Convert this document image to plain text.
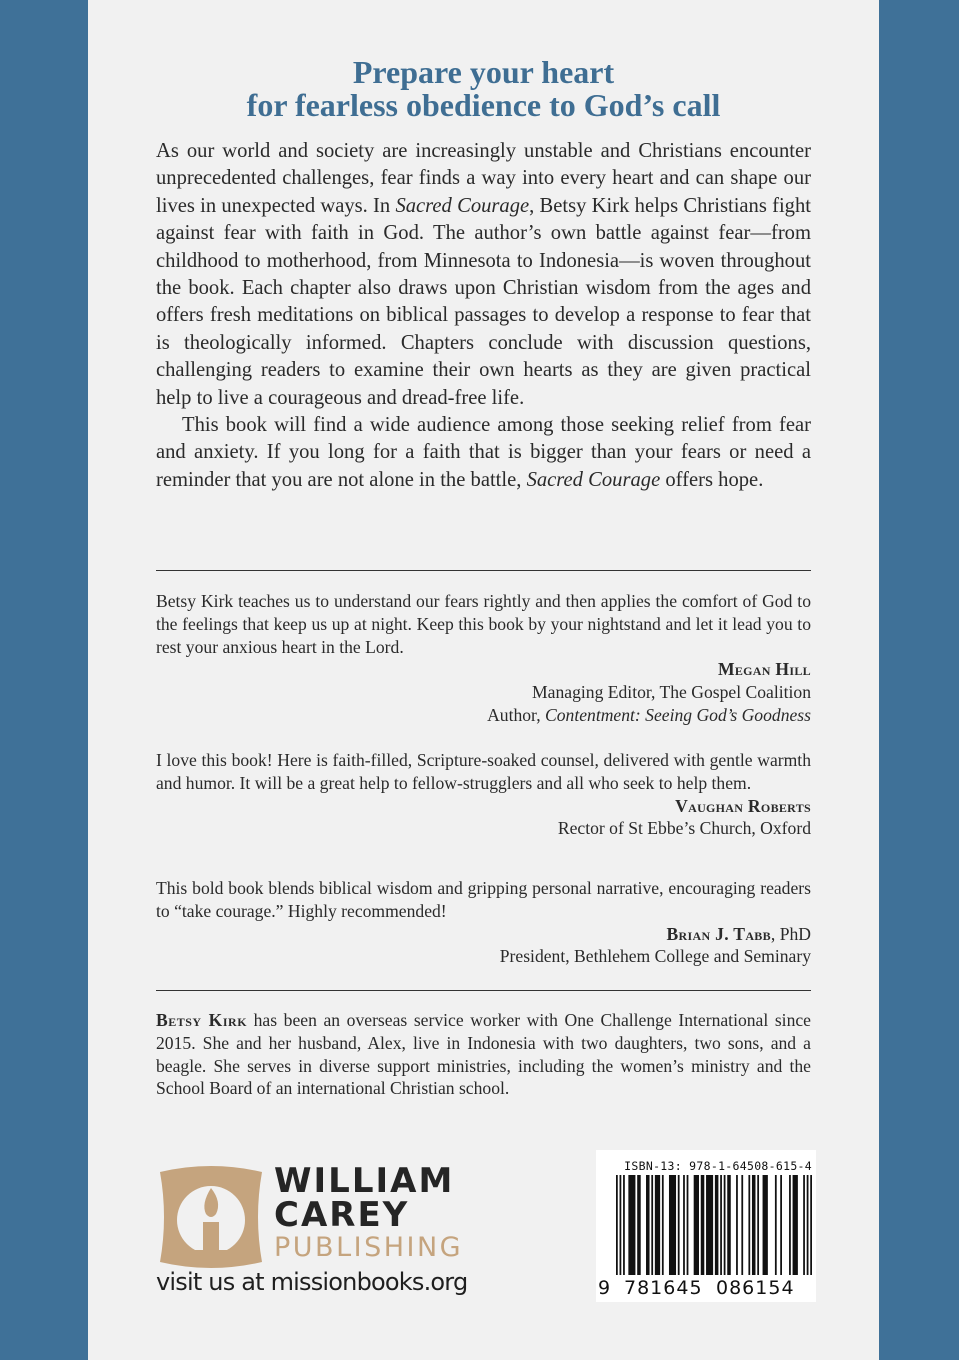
Prepare your heart
for fearless obedience to God’s call

As our world and society are increasingly unstable and Christians encounter unprecedented challenges, fear finds a way into every heart and can shape our lives in unexpected ways. In Sacred Courage, Betsy Kirk helps Christians fight against fear with faith in God. The author’s own battle against fear—from childhood to motherhood, from Minnesota to Indonesia—is woven throughout the book. Each chapter also draws upon Christian wisdom from the ages and offers fresh meditations on biblical passages to develop a response to fear that is theologically informed. Chapters conclude with discussion questions, challenging readers to examine their own hearts as they are given practical help to live a courageous and dread-free life.

This book will find a wide audience among those seeking relief from fear and anxiety. If you long for a faith that is bigger than your fears or need a reminder that you are not alone in the battle, Sacred Courage offers hope.

Betsy Kirk teaches us to understand our fears rightly and then applies the comfort of God to the feelings that keep us up at night. Keep this book by your nightstand and let it lead you to rest your anxious heart in the Lord.
Megan Hill
Managing Editor, The Gospel Coalition
Author, Contentment: Seeing God’s Goodness
I love this book! Here is faith-filled, Scripture-soaked counsel, delivered with gentle warmth and humor. It will be a great help to fellow-strugglers and all who seek to help them.
Vaughan Roberts
Rector of St Ebbe’s Church, Oxford
This bold book blends biblical wisdom and gripping personal narrative, encouraging readers to “take courage.” Highly recommended!
Brian J. Tabb, PhD
President, Bethlehem College and Seminary
Betsy Kirk has been an overseas service worker with One Challenge International since 2015. She and her husband, Alex, live in Indonesia with two daughters, two sons, and a beagle. She serves in diverse support ministries, including the women’s ministry and the School Board of an international Christian school.
WILLIAM
CAREY
PUBLISHING
visit us at missionbooks.org
ISBN-13: 978-1-64508-615-4
9 781645 086154
